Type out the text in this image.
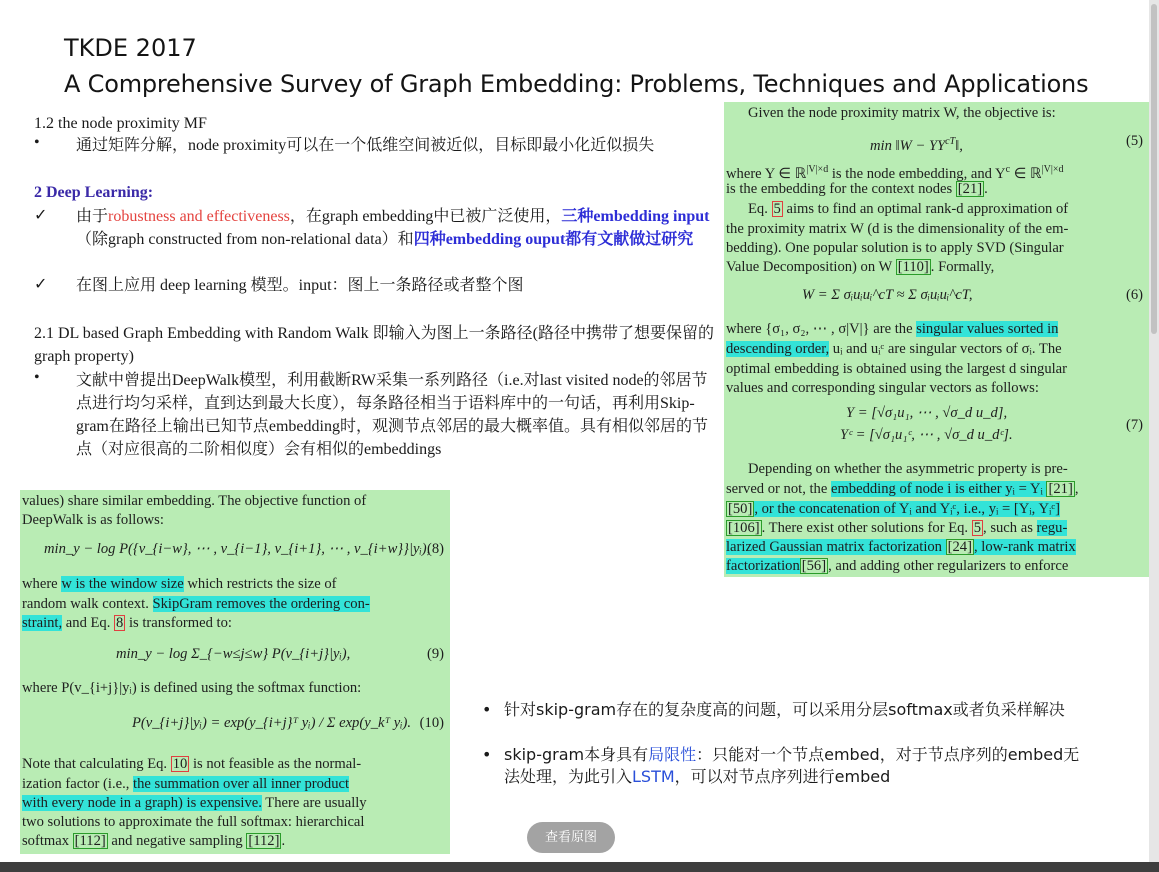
TKDE 2017
A Comprehensive Survey of Graph Embedding: Problems, Techniques and Applications
1.2 the node proximity MF
• 通过矩阵分解，node proximity可以在一个低维空间被近似，目标即最小化近似损失
2 Deep Learning:
✓ 由于robustness and effectiveness，在graph embedding中已被广泛使用，三种embedding input（除graph constructed from non-relational data）和四种embedding ouput都有文献做过研究
✓ 在图上应用 deep learning 模型。input：图上一条路径或者整个图
2.1 DL based Graph Embedding with Random Walk 即输入为图上一条路径(路径中携带了想要保留的graph property)
• 文献中曾提出DeepWalk模型，利用截断RW采集一系列路径（i.e.对last visited node的邻居节点进行均匀采样，直到达到最大长度），每条路径相当于语料库中的一句话，再利用Skip-gram在路径上输出已知节点embedding时，观测节点邻居的最大概率值。具有相似邻居的节点（对应很高的二阶相似度）会有相似的embeddings
Given the node proximity matrix W, the objective is:
min ‖W − $YY^{cT}‖$,	(5)
where Y ∈ ℝ$^{|V|\times d}$ is the node embedding, and $Y^c$ ∈ ℝ$^{|V|\times d}$
is the embedding for the context nodes [21] .
Eq. 5 aims to find an optimal rank-d approximation of
the proximity matrix W (d is the dimensionality of the em-
bedding). One popular solution is to apply SVD (Singular
Value Decomposition) on W [110] . Formally,
W = Σ σᵢuᵢuᵢ^cT ≈ Σ σᵢuᵢuᵢ^cT,	(6)
where {σ₁, σ₂, ⋯ , σ|V|} are the singular values sorted in
descending order, uᵢ and uᵢᶜ are singular vectors of σᵢ. The
optimal embedding is obtained using the largest d singular
values and corresponding singular vectors as follows:
Y = [√σ₁u₁, ⋯ , √σ_d u_d],
Yᶜ = [√σ₁u₁ᶜ, ⋯ , √σ_d u_dᶜ].
(7)
Depending on whether the asymmetric property is pre-
served or not, the embedding of node i is either yᵢ = Yᵢ [21] ,
[50] , or the concatenation of Yᵢ and Yᵢᶜ, i.e., yᵢ = [Yᵢ, Yᵢᶜ]
[106] . There exist other solutions for Eq. 5 , such as regu-
larized Gaussian matrix factorization [24] , low-rank matrix
factorization[56] , and adding other regularizers to enforce
values) share similar embedding. The objective function of
DeepWalk is as follows:
min_y − log P({v_{i−w}, ⋯ , v_{i−1}, v_{i+1}, ⋯ , v_{i+w}}|yᵢ),
(8)
where w is the window size which restricts the size of
random walk context. SkipGram removes the ordering con-
straint, and Eq. 8 is transformed to:
min_y − log Σ_{−w≤j≤w} P(v_{i+j}|yᵢ),	(9)
where P(v_{i+j}|yᵢ) is defined using the softmax function:
P(v_{i+j}|yᵢ) = exp(y_{i+j}ᵀ yᵢ) / Σ exp(y_kᵀ yᵢ). (10)
Note that calculating Eq. 10 is not feasible as the normal-
ization factor (i.e., the summation over all inner product
with every node in a graph) is expensive. There are usually
two solutions to approximate the full softmax: hierarchical
softmax [112] and negative sampling [112] .
• 针对skip-gram存在的复杂度高的问题，可以采用分层softmax或者负采样解决
• skip-gram本身具有局限性：只能对一个节点embed，对于节点序列的embed无法处理，为此引入LSTM，可以对节点序列进行embed
查看原图
